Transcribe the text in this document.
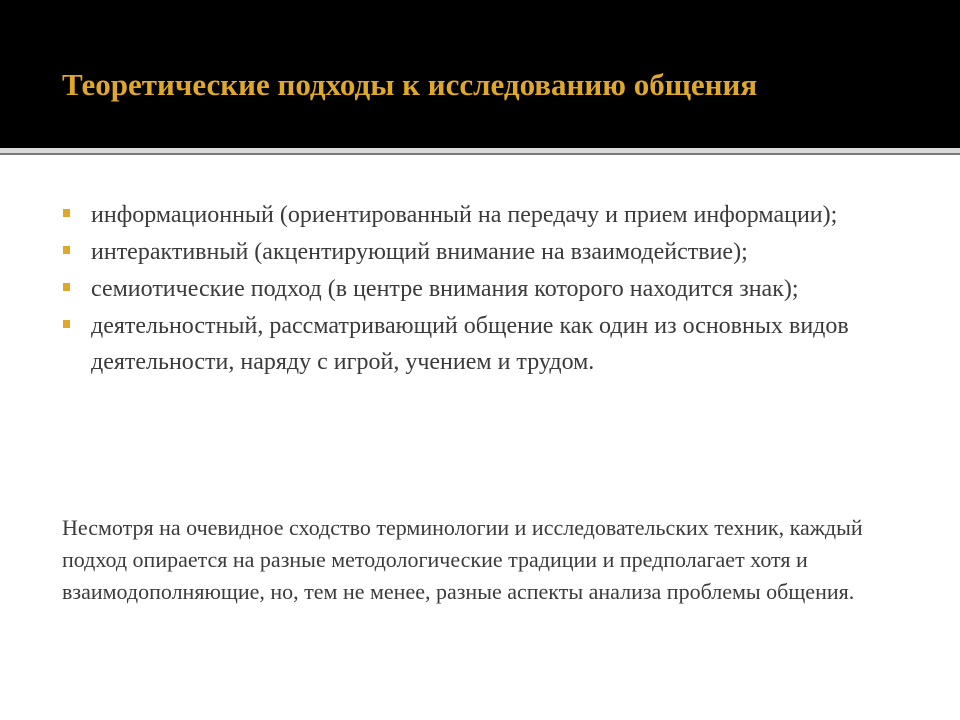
Теоретические подходы к исследованию общения
информационный (ориентированный на передачу и прием информации);
интерактивный (акцентирующий внимание на взаимодействие);
семиотические подход (в центре внимания которого находится знак);
деятельностный, рассматривающий общение как один из основных видов деятельности, наряду с игрой, учением и трудом.

Несмотря на очевидное сходство терминологии и исследовательских техник, каждый подход опирается на разные методологические традиции и предполагает хотя и взаимодополняющие, но, тем не менее, разные аспекты анализа проблемы общения.
